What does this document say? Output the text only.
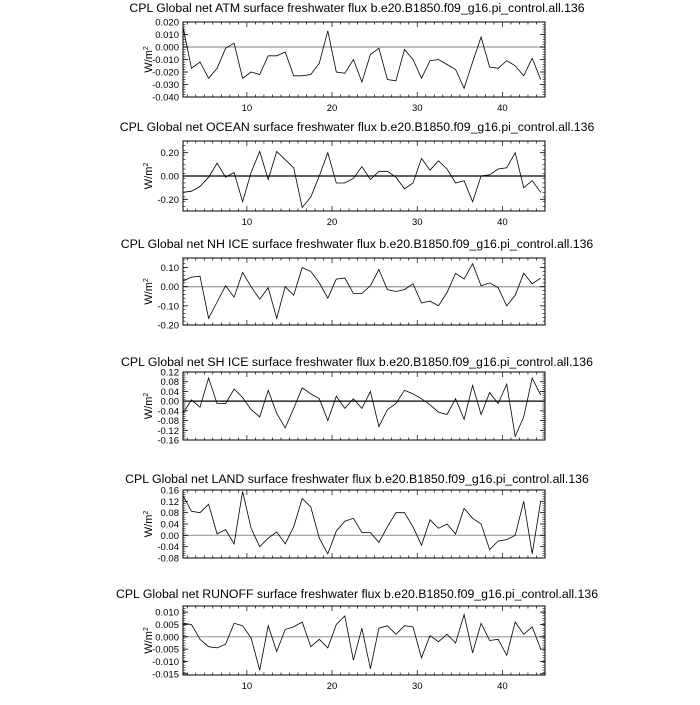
CPL Global net ATM surface freshwater flux b.e20.B1850.f09_g16.pi_control.all.136
$W/m^2$
0.020
0.010
0.000
-0.010
-0.020
-0.030
-0.040
10	20	30	40
CPL Global net OCEAN surface freshwater flux b.e20.B1850.f09_g16.pi_control.all.136
$W/m^2$
0.20
0.00
-0.20
10	20	30	40
CPL Global net NH ICE surface freshwater flux b.e20.B1850.f09_g16.pi_control.all.136
$W/m^2$
0.10
0.00
-0.10
-0.20
CPL Global net SH ICE surface freshwater flux b.e20.B1850.f09_g16.pi_control.all.136
$W/m^2$
0.12
0.08
0.04
0.00
-0.04
-0.08
-0.12
-0.16
CPL Global net LAND surface freshwater flux b.e20.B1850.f09_g16.pi_control.all.136
$W/m^2$
0.16
0.12
0.08
0.04
0.00
-0.04
-0.08
CPL Global net RUNOFF surface freshwater flux b.e20.B1850.f09_g16.pi_control.all.136
$W/m^2$
0.010
0.005
0.000
-0.005
-0.010
-0.015
10	20	30	40
